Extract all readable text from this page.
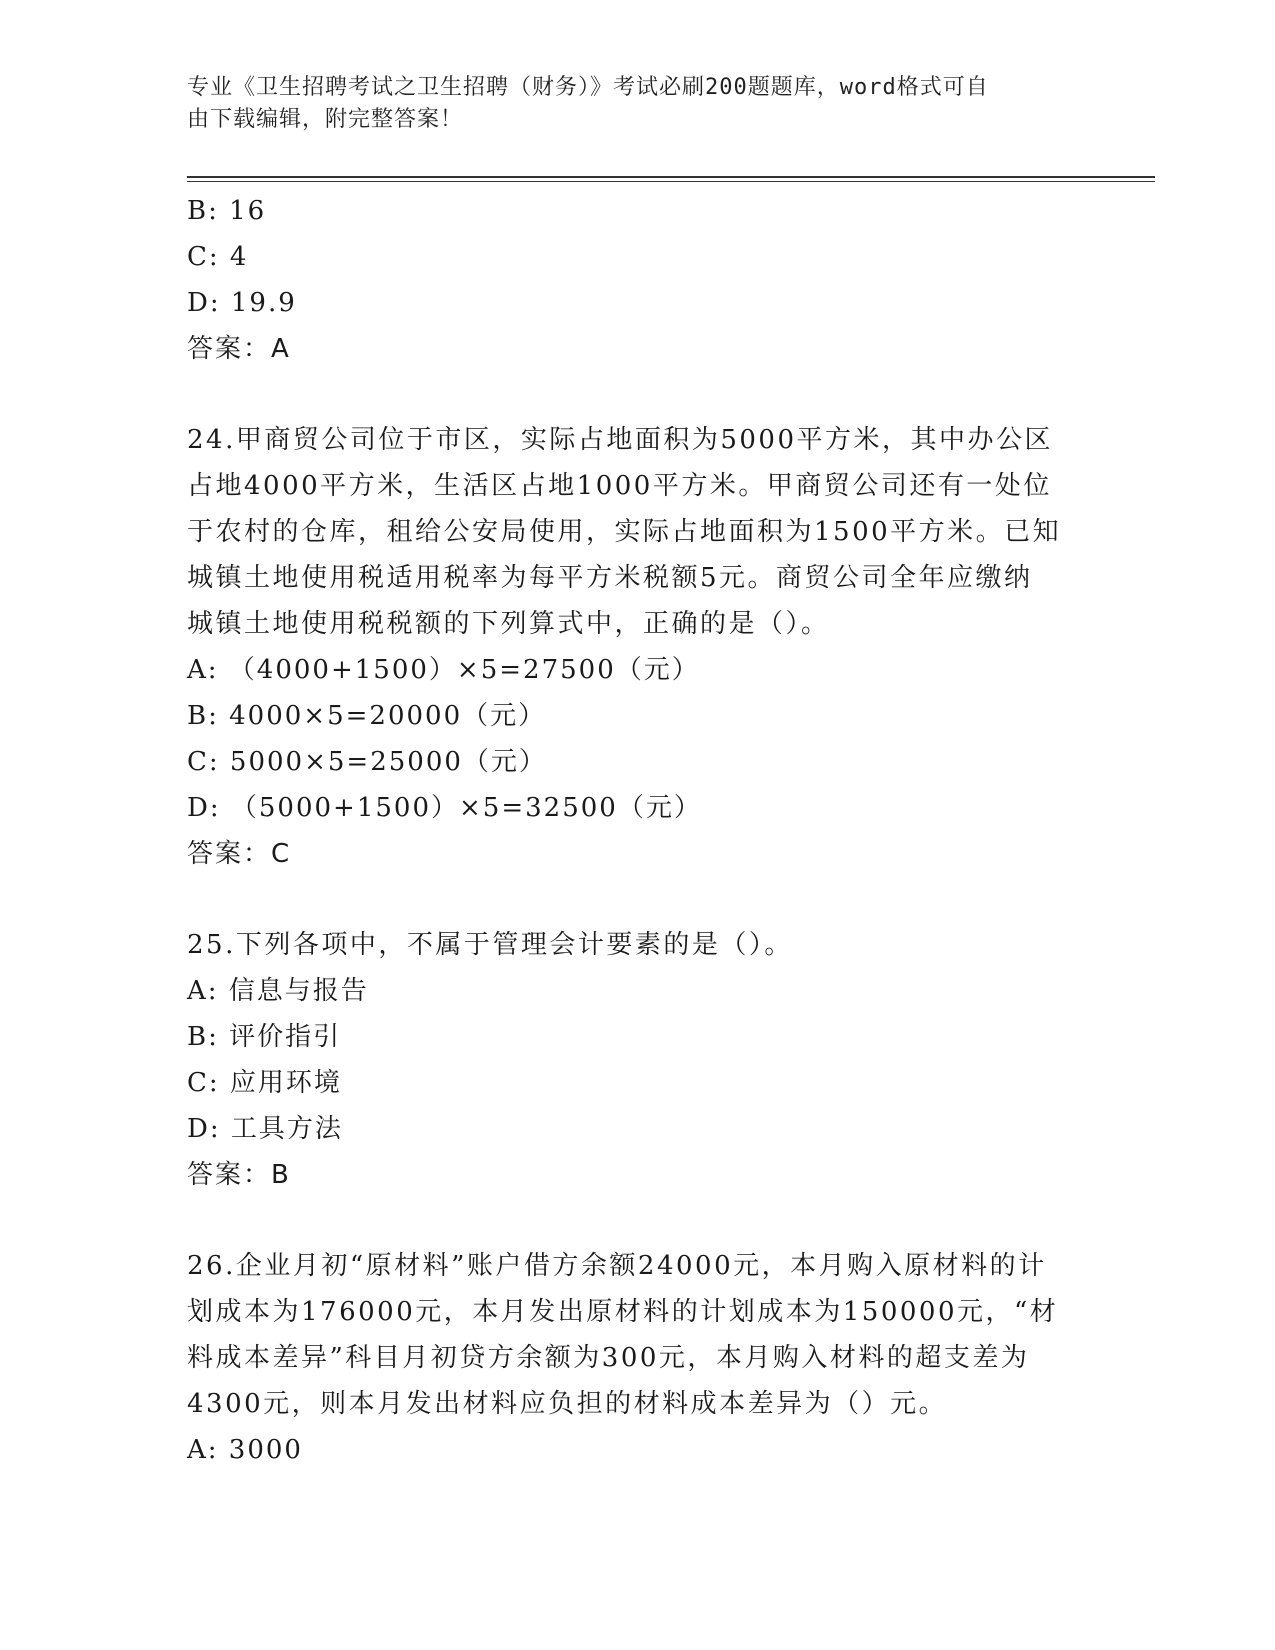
专业《卫生招聘考试之卫生招聘（财务）》考试必刷200题题库，word格式可自
由下载编辑，附完整答案！
B: 16
C: 4
D: 19.9
答案：A
24.甲商贸公司位于市区，实际占地面积为5000平方米，其中办公区
占地4000平方米，生活区占地1000平方米。甲商贸公司还有一处位
于农村的仓库，租给公安局使用，实际占地面积为1500平方米。已知
城镇土地使用税适用税率为每平方米税额5元。商贸公司全年应缴纳
城镇土地使用税税额的下列算式中，正确的是（）。
A: （4000+1500）×5=27500（元）
B: 4000×5=20000（元）
C: 5000×5=25000（元）
D: （5000+1500）×5=32500（元）
答案：C
25.下列各项中，不属于管理会计要素的是（）。
A: 信息与报告
B: 评价指引
C: 应用环境
D: 工具方法
答案：B
26.企业月初“原材料”账户借方余额24000元，本月购入原材料的计
划成本为176000元，本月发出原材料的计划成本为150000元，“材
料成本差异”科目月初贷方余额为300元，本月购入材料的超支差为
4300元，则本月发出材料应负担的材料成本差异为（）元。
A: 3000
